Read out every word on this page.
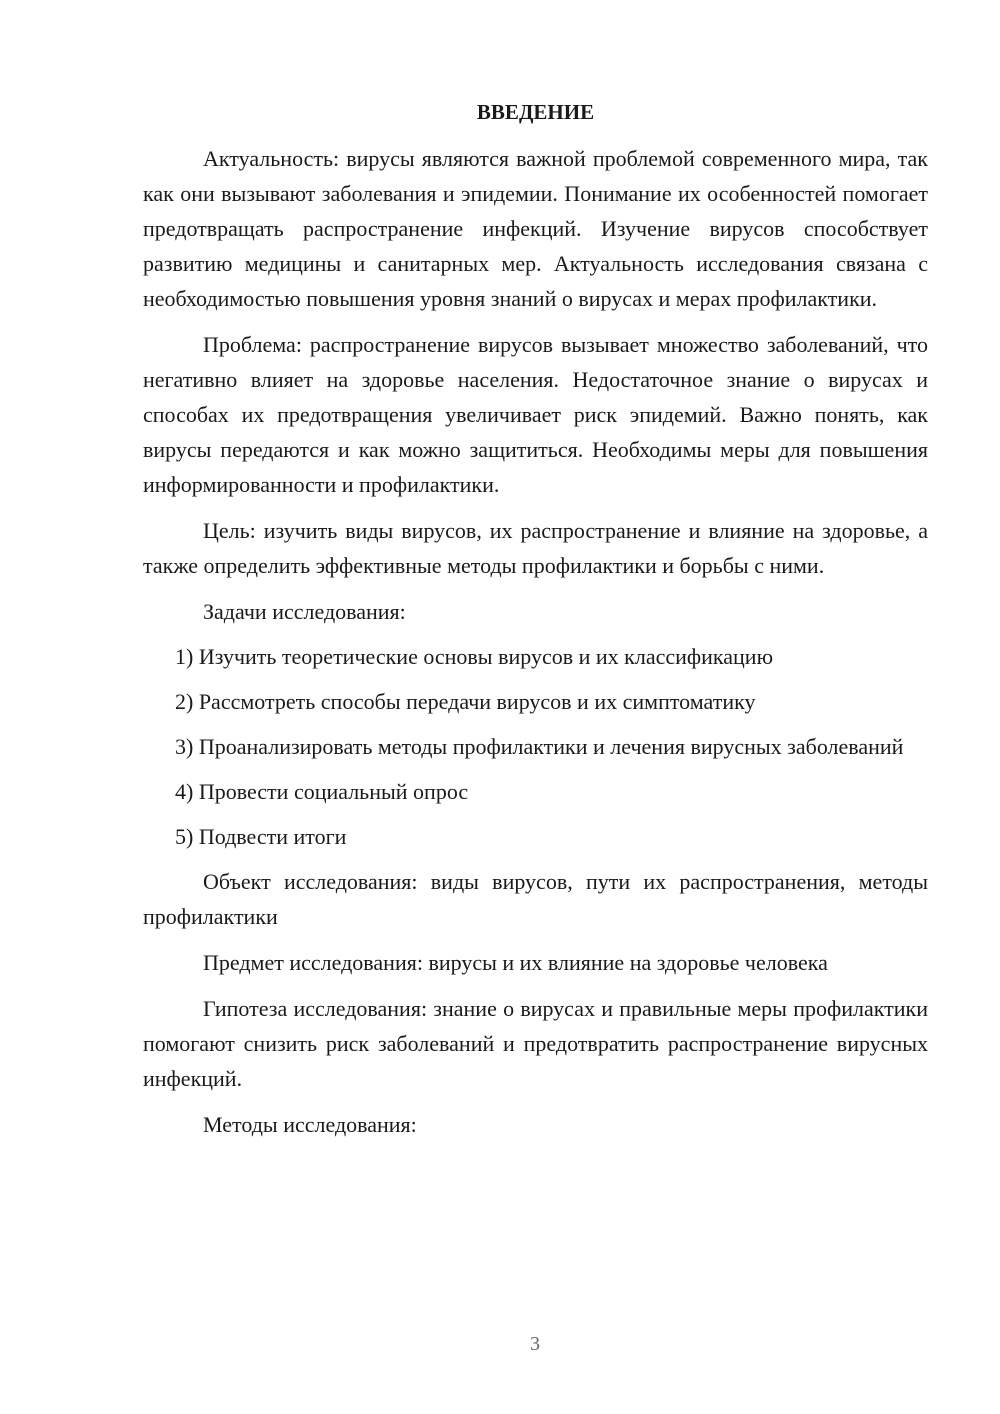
ВВЕДЕНИЕ

Актуальность: вирусы являются важной проблемой современного мира, так как они вызывают заболевания и эпидемии. Понимание их особенностей помогает предотвращать распространение инфекций. Изучение вирусов способствует развитию медицины и санитарных мер. Актуальность исследования связана с необходимостью повышения уровня знаний о вирусах и мерах профилактики.

Проблема: распространение вирусов вызывает множество заболеваний, что негативно влияет на здоровье населения. Недостаточное знание о вирусах и способах их предотвращения увеличивает риск эпидемий. Важно понять, как вирусы передаются и как можно защититься. Необходимы меры для повышения информированности и профилактики.

Цель: изучить виды вирусов, их распространение и влияние на здоровье, а также определить эффективные методы профилактики и борьбы с ними.

Задачи исследования:

1) Изучить теоретические основы вирусов и их классификацию

2) Рассмотреть способы передачи вирусов и их симптоматику

3) Проанализировать методы профилактики и лечения вирусных заболеваний

4) Провести социальный опрос

5) Подвести итоги

Объект исследования: виды вирусов, пути их распространения, методы профилактики

Предмет исследования: вирусы и их влияние на здоровье человека

Гипотеза исследования: знание о вирусах и правильные меры профилактики помогают снизить риск заболеваний и предотвратить распространение вирусных инфекций.

Методы исследования:

3
